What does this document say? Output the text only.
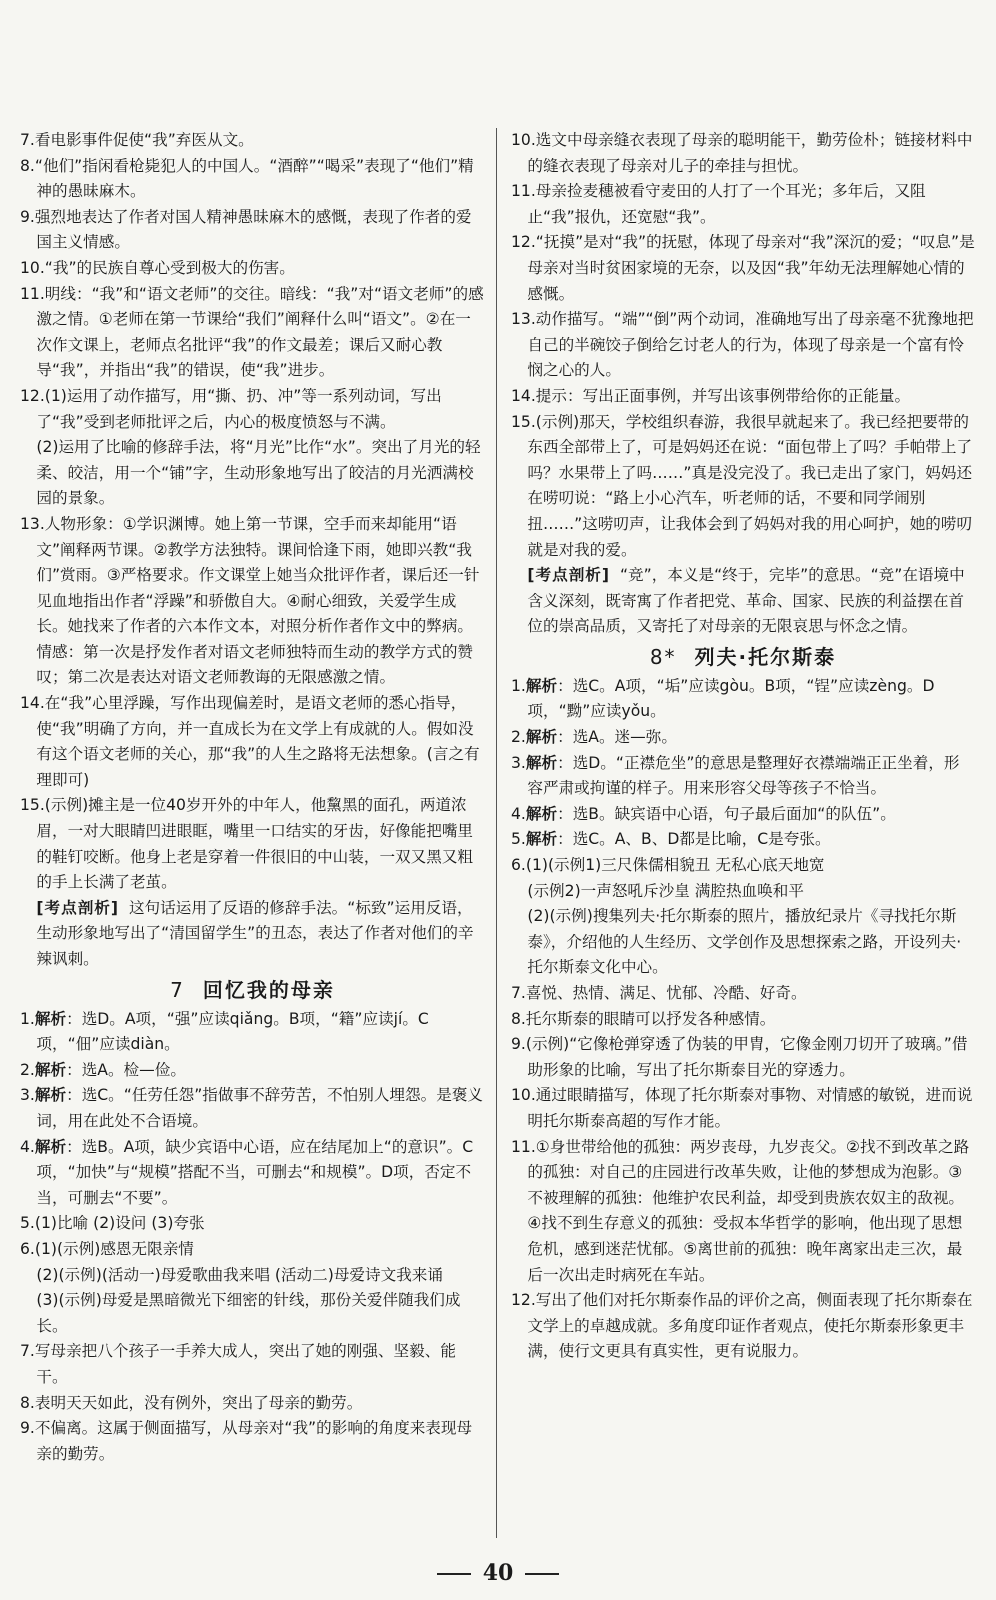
7.看电影事件促使“我”弃医从文。

8.“他们”指闲看枪毙犯人的中国人。“酒醉”“喝采”表现了“他们”精神的愚昧麻木。

9.强烈地表达了作者对国人精神愚昧麻木的感慨，表现了作者的爱国主义情感。

10.“我”的民族自尊心受到极大的伤害。

11.明线：“我”和“语文老师”的交往。暗线：“我”对“语文老师”的感激之情。①老师在第一节课给“我们”阐释什么叫“语文”。②在一次作文课上，老师点名批评“我”的作文最差；课后又耐心教导“我”，并指出“我”的错误，使“我”进步。

12.(1)运用了动作描写，用“撕、扔、冲”等一系列动词，写出了“我”受到老师批评之后，内心的极度愤怒与不满。

(2)运用了比喻的修辞手法，将“月光”比作“水”。突出了月光的轻柔、皎洁，用一个“铺”字，生动形象地写出了皎洁的月光洒满校园的景象。

13.人物形象：①学识渊博。她上第一节课，空手而来却能用“语文”阐释两节课。②教学方法独特。课间恰逢下雨，她即兴教“我们”赏雨。③严格要求。作文课堂上她当众批评作者，课后还一针见血地指出作者“浮躁”和骄傲自大。④耐心细致，关爱学生成长。她找来了作者的六本作文本，对照分析作者作文中的弊病。

情感：第一次是抒发作者对语文老师独特而生动的教学方式的赞叹；第二次是表达对语文老师教诲的无限感激之情。

14.在“我”心里浮躁，写作出现偏差时，是语文老师的悉心指导，使“我”明确了方向，并一直成长为在文学上有成就的人。假如没有这个语文老师的关心，那“我”的人生之路将无法想象。(言之有理即可)

15.(示例)摊主是一位40岁开外的中年人，他黧黑的面孔，两道浓眉，一对大眼睛凹进眼眶，嘴里一口结实的牙齿，好像能把嘴里的鞋钉咬断。他身上老是穿着一件很旧的中山装，一双又黑又粗的手上长满了老茧。

[考点剖析] 这句话运用了反语的修辞手法。“标致”运用反语，生动形象地写出了“清国留学生”的丑态，表达了作者对他们的辛辣讽刺。

7 回忆我的母亲

1.解析：选D。A项，“强”应读qiǎng。B项，“籍”应读jí。C项，“佃”应读diàn。

2.解析：选A。检—俭。

3.解析：选C。“任劳任怨”指做事不辞劳苦，不怕别人埋怨。是褒义词，用在此处不合语境。

4.解析：选B。A项，缺少宾语中心语，应在结尾加上“的意识”。C项，“加快”与“规模”搭配不当，可删去“和规模”。D项，否定不当，可删去“不要”。

5.(1)比喻 (2)设问 (3)夸张

6.(1)(示例)感恩无限亲情

(2)(示例)(活动一)母爱歌曲我来唱 (活动二)母爱诗文我来诵

(3)(示例)母爱是黑暗微光下细密的针线，那份关爱伴随我们成长。

7.写母亲把八个孩子一手养大成人，突出了她的刚强、坚毅、能干。

8.表明天天如此，没有例外，突出了母亲的勤劳。

9.不偏离。这属于侧面描写，从母亲对“我”的影响的角度来表现母亲的勤劳。

10.选文中母亲缝衣表现了母亲的聪明能干，勤劳俭朴；链接材料中的缝衣表现了母亲对儿子的牵挂与担忧。

11.母亲捡麦穗被看守麦田的人打了一个耳光；多年后，又阻止“我”报仇，还宽慰“我”。

12.“抚摸”是对“我”的抚慰，体现了母亲对“我”深沉的爱；“叹息”是母亲对当时贫困家境的无奈，以及因“我”年幼无法理解她心情的感慨。

13.动作描写。“端”“倒”两个动词，准确地写出了母亲毫不犹豫地把自己的半碗饺子倒给乞讨老人的行为，体现了母亲是一个富有怜悯之心的人。

14.提示：写出正面事例，并写出该事例带给你的正能量。

15.(示例)那天，学校组织春游，我很早就起来了。我已经把要带的东西全部带上了，可是妈妈还在说：“面包带上了吗？手帕带上了吗？水果带上了吗……”真是没完没了。我已走出了家门，妈妈还在唠叨说：“路上小心汽车，听老师的话，不要和同学闹别扭……”这唠叨声，让我体会到了妈妈对我的用心呵护，她的唠叨就是对我的爱。

[考点剖析] “竞”，本义是“终于，完毕”的意思。“竞”在语境中含义深刻，既寄寓了作者把党、革命、国家、民族的利益摆在首位的崇高品质，又寄托了对母亲的无限哀思与怀念之情。

8* 列夫·托尔斯泰

1.解析：选C。A项，“垢”应读gòu。B项，“锃”应读zèng。D项，“黝”应读yǒu。

2.解析：选A。迷—弥。

3.解析：选D。“正襟危坐”的意思是整理好衣襟端端正正坐着，形容严肃或拘谨的样子。用来形容父母等孩子不恰当。

4.解析：选B。缺宾语中心语，句子最后面加“的队伍”。

5.解析：选C。A、B、D都是比喻，C是夸张。

6.(1)(示例1)三尺侏儒相貌丑 无私心底天地宽

(示例2)一声怒吼斥沙皇 满腔热血唤和平

(2)(示例)搜集列夫·托尔斯泰的照片，播放纪录片《寻找托尔斯泰》，介绍他的人生经历、文学创作及思想探索之路，开设列夫·托尔斯泰文化中心。

7.喜悦、热情、满足、忧郁、冷酷、好奇。

8.托尔斯泰的眼睛可以抒发各种感情。

9.(示例)“它像枪弹穿透了伪装的甲胄，它像金刚刀切开了玻璃。”借助形象的比喻，写出了托尔斯泰目光的穿透力。

10.通过眼睛描写，体现了托尔斯泰对事物、对情感的敏锐，进而说明托尔斯泰高超的写作才能。

11.①身世带给他的孤独：两岁丧母，九岁丧父。②找不到改革之路的孤独：对自己的庄园进行改革失败，让他的梦想成为泡影。③不被理解的孤独：他维护农民利益，却受到贵族农奴主的敌视。④找不到生存意义的孤独：受叔本华哲学的影响，他出现了思想危机，感到迷茫忧郁。⑤离世前的孤独：晚年离家出走三次，最后一次出走时病死在车站。

12.写出了他们对托尔斯泰作品的评价之高，侧面表现了托尔斯泰在文学上的卓越成就。多角度印证作者观点，使托尔斯泰形象更丰满，使行文更具有真实性，更有说服力。

40
